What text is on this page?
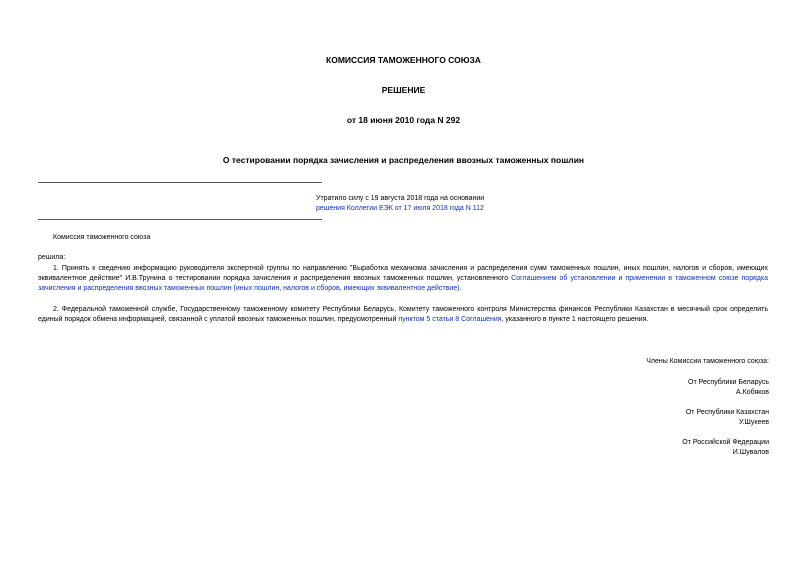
КОМИССИЯ ТАМОЖЕННОГО СОЮЗА
РЕШЕНИЕ
от 18 июня 2010 года N 292
О тестировании порядка зачисления и распределения ввозных таможенных пошлин
Утратило силу с 19 августа 2018 года на основании
решения Коллегии ЕЭК от 17 июля 2018 года N 112
Комиссия таможенного союза
решила:
1. Принять к сведению информацию руководителя экспертной группы по направлению "Выработка механизма зачисления и распределения сумм таможенных пошлин, иных пошлин, налогов и сборов, имеющих эквивалентное действие" И.В.Трунина о тестировании порядка зачисления и распределения ввозных таможенных пошлин, установленного Соглашением об установлении и применении в таможенном союзе порядка зачисления и распределения ввозных таможенных пошлин (иных пошлин, налогов и сборов, имеющих эквивалентное действие).
2. Федеральной таможенной службе, Государственному таможенному комитету Республики Беларусь, Комитету таможенного контроля Министерства финансов Республики Казахстан в месячный срок определить единый порядок обмена информацией, связанной с уплатой ввозных таможенных пошлин, предусмотренный пунктом 5 статьи 8 Соглашения, указанного в пункте 1 настоящего решения.
Члены Комиссии таможенного союза:
От Республики Беларусь
А.Кобяков
От Республики Казахстан
У.Шукеев
От Российской Федерации
И.Шувалов
